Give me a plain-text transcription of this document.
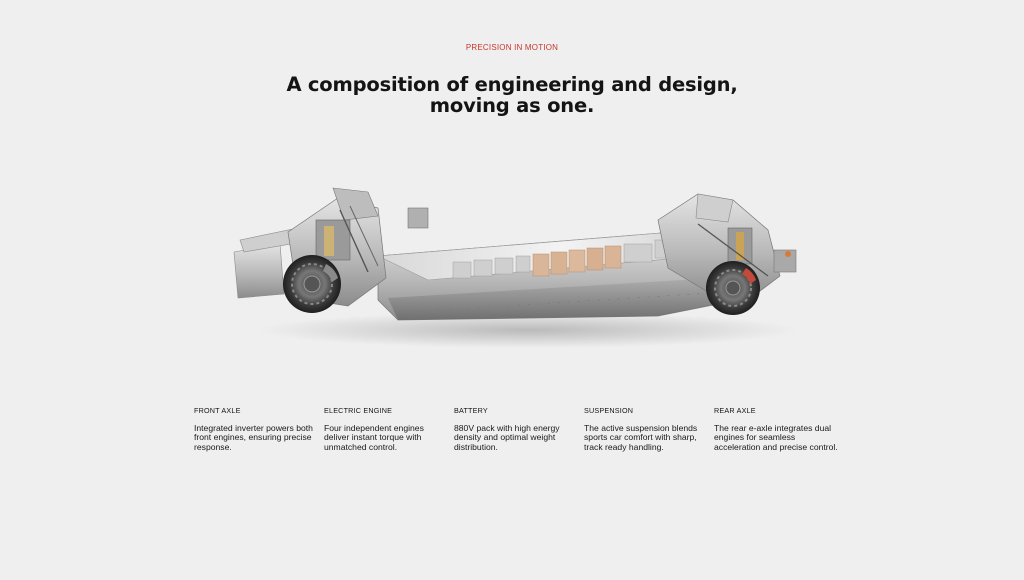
PRECISION IN MOTION
A composition of engineering and design,
moving as one.
FRONT AXLE
Integrated inverter powers both front engines, ensuring precise response.
ELECTRIC ENGINE
Four independent engines deliver instant torque with unmatched control.
BATTERY
880V pack with high energy density and optimal weight distribution.
SUSPENSION
The active suspension blends sports car comfort with sharp, track ready handling.
REAR AXLE
The rear e-axle integrates dual engines for seamless acceleration and precise control.
